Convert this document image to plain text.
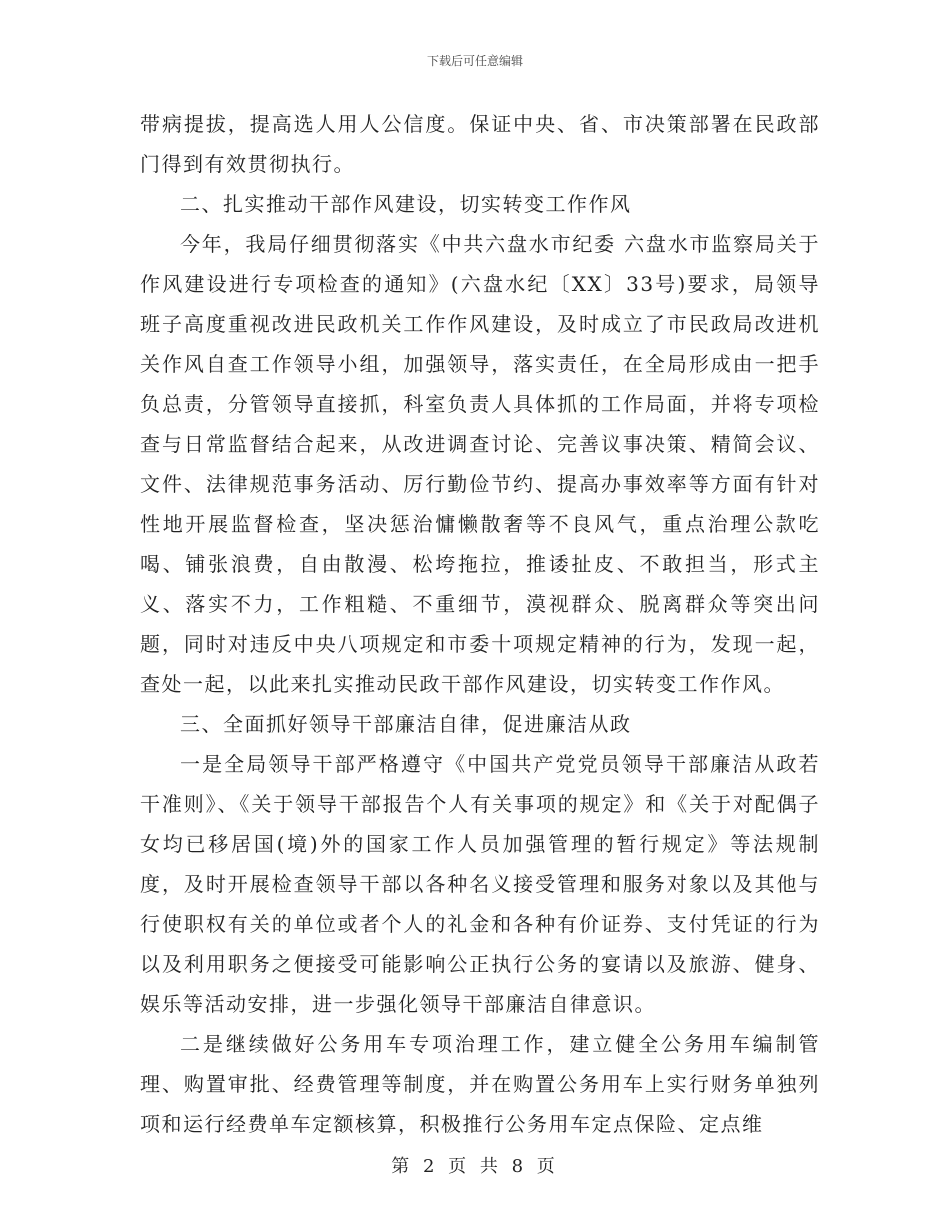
下载后可任意编辑

带病提拔，提高选人用人公信度。保证中央、省、市决策部署在民政部门得到有效贯彻执行。

二、扎实推动干部作风建设，切实转变工作作风

今年，我局仔细贯彻落实《中共六盘水市纪委 六盘水市监察局关于作风建设进行专项检查的通知》(六盘水纪〔XX〕33号)要求，局领导班子高度重视改进民政机关工作作风建设，及时成立了市民政局改进机关作风自查工作领导小组，加强领导，落实责任，在全局形成由一把手负总责，分管领导直接抓，科室负责人具体抓的工作局面，并将专项检查与日常监督结合起来，从改进调查讨论、完善议事决策、精简会议、文件、法律规范事务活动、厉行勤俭节约、提高办事效率等方面有针对性地开展监督检查，坚决惩治慵懒散奢等不良风气，重点治理公款吃喝、铺张浪费，自由散漫、松垮拖拉，推诿扯皮、不敢担当，形式主义、落实不力，工作粗糙、不重细节，漠视群众、脱离群众等突出问题，同时对违反中央八项规定和市委十项规定精神的行为，发现一起，查处一起，以此来扎实推动民政干部作风建设，切实转变工作作风。

三、全面抓好领导干部廉洁自律，促进廉洁从政

一是全局领导干部严格遵守《中国共产党党员领导干部廉洁从政若干准则》、《关于领导干部报告个人有关事项的规定》和《关于对配偶子女均已移居国(境)外的国家工作人员加强管理的暂行规定》等法规制度，及时开展检查领导干部以各种名义接受管理和服务对象以及其他与行使职权有关的单位或者个人的礼金和各种有价证券、支付凭证的行为以及利用职务之便接受可能影响公正执行公务的宴请以及旅游、健身、娱乐等活动安排，进一步强化领导干部廉洁自律意识。

二是继续做好公务用车专项治理工作，建立健全公务用车编制管理、购置审批、经费管理等制度，并在购置公务用车上实行财务单独列项和运行经费单车定额核算，积极推行公务用车定点保险、定点维

第 2 页 共 8 页
